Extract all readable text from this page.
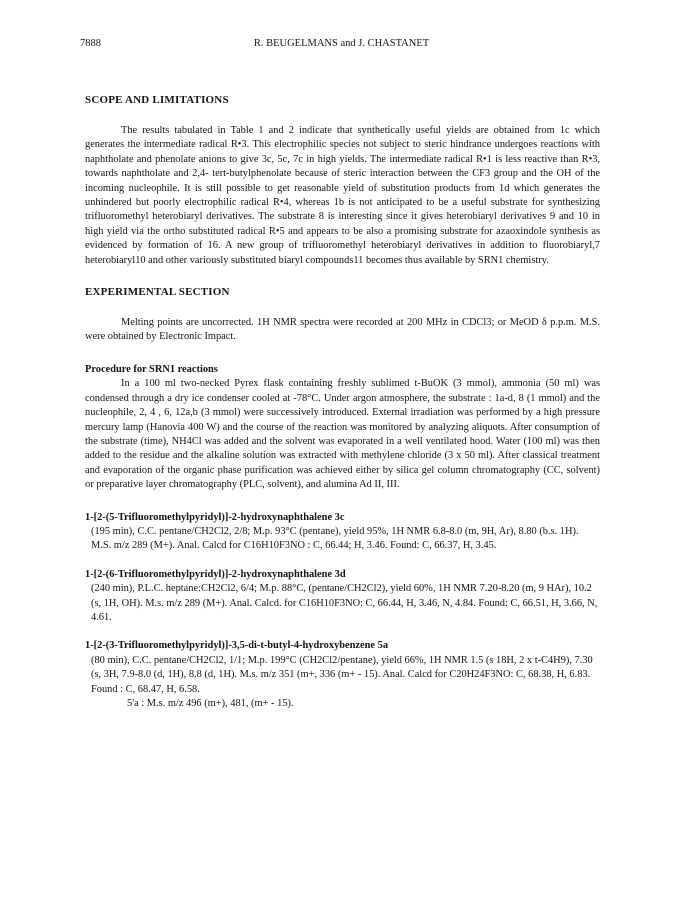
7888	R. BEUGELMANS and J. CHASTANET
SCOPE AND LIMITATIONS

The results tabulated in Table 1 and 2 indicate that synthetically useful yields are obtained from 1c which generates the intermediate radical R•3. This electrophilic species not subject to steric hindrance undergoes reactions with naphtholate and phenolate anions to give 3c, 5c, 7c in high yields. The intermediate radical R•1 is less reactive than R•3, towards naphtholate and 2,4- tert-butylphenolate because of steric interaction between the CF3 group and the OH of the incoming nucleophile. It is still possible to get reasonable yield of substitution products from 1d which generates the unhindered but poorly electrophilic radical R•4, whereas 1b is not anticipated to be a useful substrate for synthesizing trifluoromethyl heterobiaryl derivatives. The substrate 8 is interesting since it gives heterobiaryl derivatives 9 and 10 in high yield via the ortho substituted radical R•5 and appears to be also a promising substrate for azaoxindole synthesis as evidenced by formation of 16. A new group of trifluoromethyl heterobiaryl derivatives in addition to fluorobiaryl,7 heterobiaryl10 and other variously substituted biaryl compounds11 becomes thus available by SRN1 chemistry.

EXPERIMENTAL SECTION

Melting points are uncorrected. 1H NMR spectra were recorded at 200 MHz in CDCl3; or MeOD δ p.p.m. M.S. were obtained by Electronic Impact.

Procedure for SRN1 reactions

In a 100 ml two-necked Pyrex flask containing freshly sublimed t-BuOK (3 mmol), ammonia (50 ml) was condensed through a dry ice condenser cooled at -78°C. Under argon atmosphere, the substrate : 1a-d, 8 (1 mmol) and the nucleophile, 2, 4 , 6, 12a,b (3 mmol) were successively introduced. External irradiation was performed by a high pressure mercury lamp (Hanovia 400 W) and the course of the reaction was monitored by analyzing aliquots. After consumption of the substrate (time), NH4Cl was added and the solvent was evaporated in a well ventilated hood. Water (100 ml) was then added to the residue and the alkaline solution was extracted with methylene chloride (3 x 50 ml). After classical treatment and evaporation of the organic phase purification was achieved either by silica gel column chromatography (CC, solvent) or preparative layer chromatography (PLC, solvent), and alumina Ad II, III.

1-[2-(5-Trifluoromethylpyridyl)]-2-hydroxynaphthalene 3c

(195 min), C.C. pentane/CH2Cl2, 2/8; M.p. 93°C (pentane), yield 95%, 1H NMR 6.8-8.0 (m, 9H, Ar), 8.80 (b.s. 1H). M.S. m/z 289 (M+). Anal. Calcd for C16H10F3NO : C, 66.44; H, 3.46. Found: C, 66.37, H, 3.45.

1-[2-(6-Trifluoromethylpyridyl)]-2-hydroxynaphthalene 3d

(240 min), P.L.C. heptane:CH2Cl2, 6/4; M.p. 88°C, (pentane/CH2Cl2), yield 60%, 1H NMR 7.20-8.20 (m, 9 HAr), 10.2 (s, 1H, OH). M.s. m/z 289 (M+). Anal. Calcd. for C16H10F3NO: C, 66.44, H, 3.46, N, 4.84. Found: C, 66.51, H, 3.66, N, 4.61.

1-[2-(3-Trifluoromethylpyridyl)]-3,5-di-t-butyl-4-hydroxybenzene 5a

(80 min), C.C. pentane/CH2Cl2, 1/1; M.p. 199°C (CH2Cl2/pentane), yield 66%, 1H NMR 1.5 (s 18H, 2 x t-C4H9), 7.30 (s, 3H, 7.9-8.0 (d, 1H), 8.8 (d, 1H). M.s. m/z 351 (m+, 336 (m+ - 15). Anal. Calcd for C20H24F3NO: C, 68.38, H, 6.83. Found : C, 68.47, H, 6.58.

5'a : M.s. m/z 496 (m+), 481, (m+ - 15).
